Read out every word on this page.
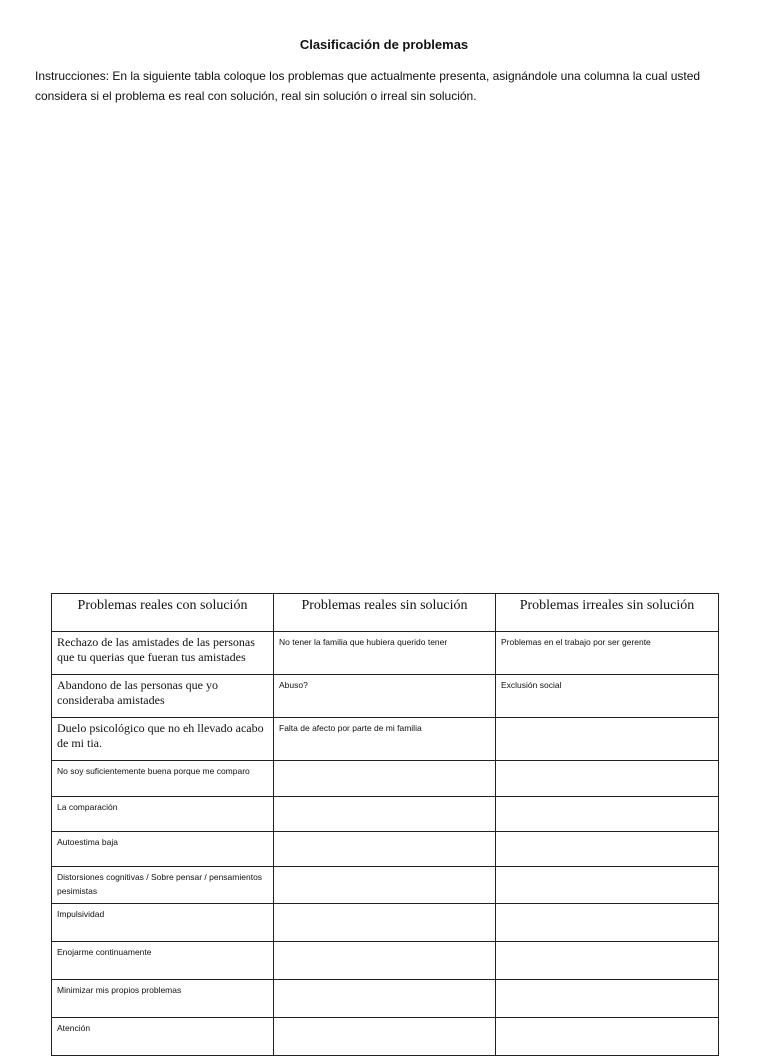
Clasificación de problemas

Instrucciones: En la siguiente tabla coloque los problemas que actualmente presenta, asignándole una columna la cual usted considera si el problema es real con solución, real sin solución o irreal sin solución.

Problemas reales con solución	Problemas reales sin solución	Problemas irreales sin solución
Rechazo de las amistades de las personas que tu querias que fueran tus amistades	No tener la familia que hubiera querido tener	Problemas en el trabajo por ser gerente
Abandono de las personas que yo consideraba amistades	Abuso?	Exclusión social
Duelo psicológico que no eh llevado acabo de mi tia.	Falta de afecto por parte de mi familia	
No soy suficientemente buena porque me comparo		
La comparación		
Autoestima baja		
Distorsiones cognitivas / Sobre pensar / pensamientos pesimistas		
Impulsividad		
Enojarme continuamente		
Minimizar mis propios problemas		
Atención		
